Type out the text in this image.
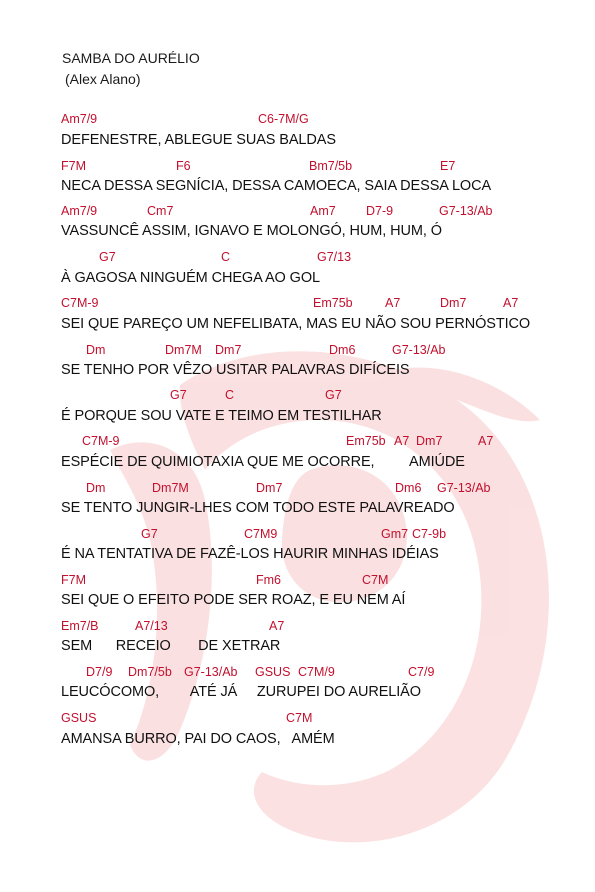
SAMBA DO AURÉLIO
(Alex Alano)
Am7/9	C6-7M/G
DEFENESTRE, ABLEGUE SUAS BALDAS
F7M	F6	Bm7/5b	E7
NECA DESSA SEGNÍCIA, DESSA CAMOECA, SAIA DESSA LOCA
Am7/9	Cm7	Am7 D7-9	G7-13/Ab
VASSUNCÊ ASSIM, IGNAVO E MOLONGÓ, HUM, HUM, Ó
G7	C	G7/13
À GAGOSA NINGUÉM CHEGA AO GOL
C7M-9	Em75b	A7	Dm7	A7
SEI QUE PAREÇO UM NEFELIBATA, MAS EU NÃO SOU PERNÓSTICO
Dm	Dm7M Dm7	Dm6	G7-13/Ab
SE TENHO POR VÊZO USITAR PALAVRAS DIFÍCEIS
G7	C	G7
É PORQUE SOU VATE E TEIMO EM TESTILHAR
C7M-9	Em75b A7 Dm7	A7
ESPÉCIE DE QUIMIOTAXIA QUE ME OCORRE,         AMIÚDE
Dm	Dm7M	Dm7	Dm6 G7-13/Ab
SE TENTO JUNGIR-LHES COM TODO ESTE PALAVREADO
G7	C7M9	Gm7 C7-9b
É NA TENTATIVA DE FAZÊ-LOS HAURIR MINHAS IDÉIAS
F7M	Fm6	C7M
SEI QUE O EFEITO PODE SER ROAZ, E EU NEM AÍ
Em7/B	A7/13	A7
SEM      RECEIO       DE XETRAR
D7/9 Dm7/5b G7-13/Ab GSUS C7M/9	C7/9
LEUCÓCOMO,        ATÉ JÁ     ZURUPEI DO AURELIÃO
GSUS	C7M
AMANSA BURRO, PAI DO CAOS,   AMÉM
